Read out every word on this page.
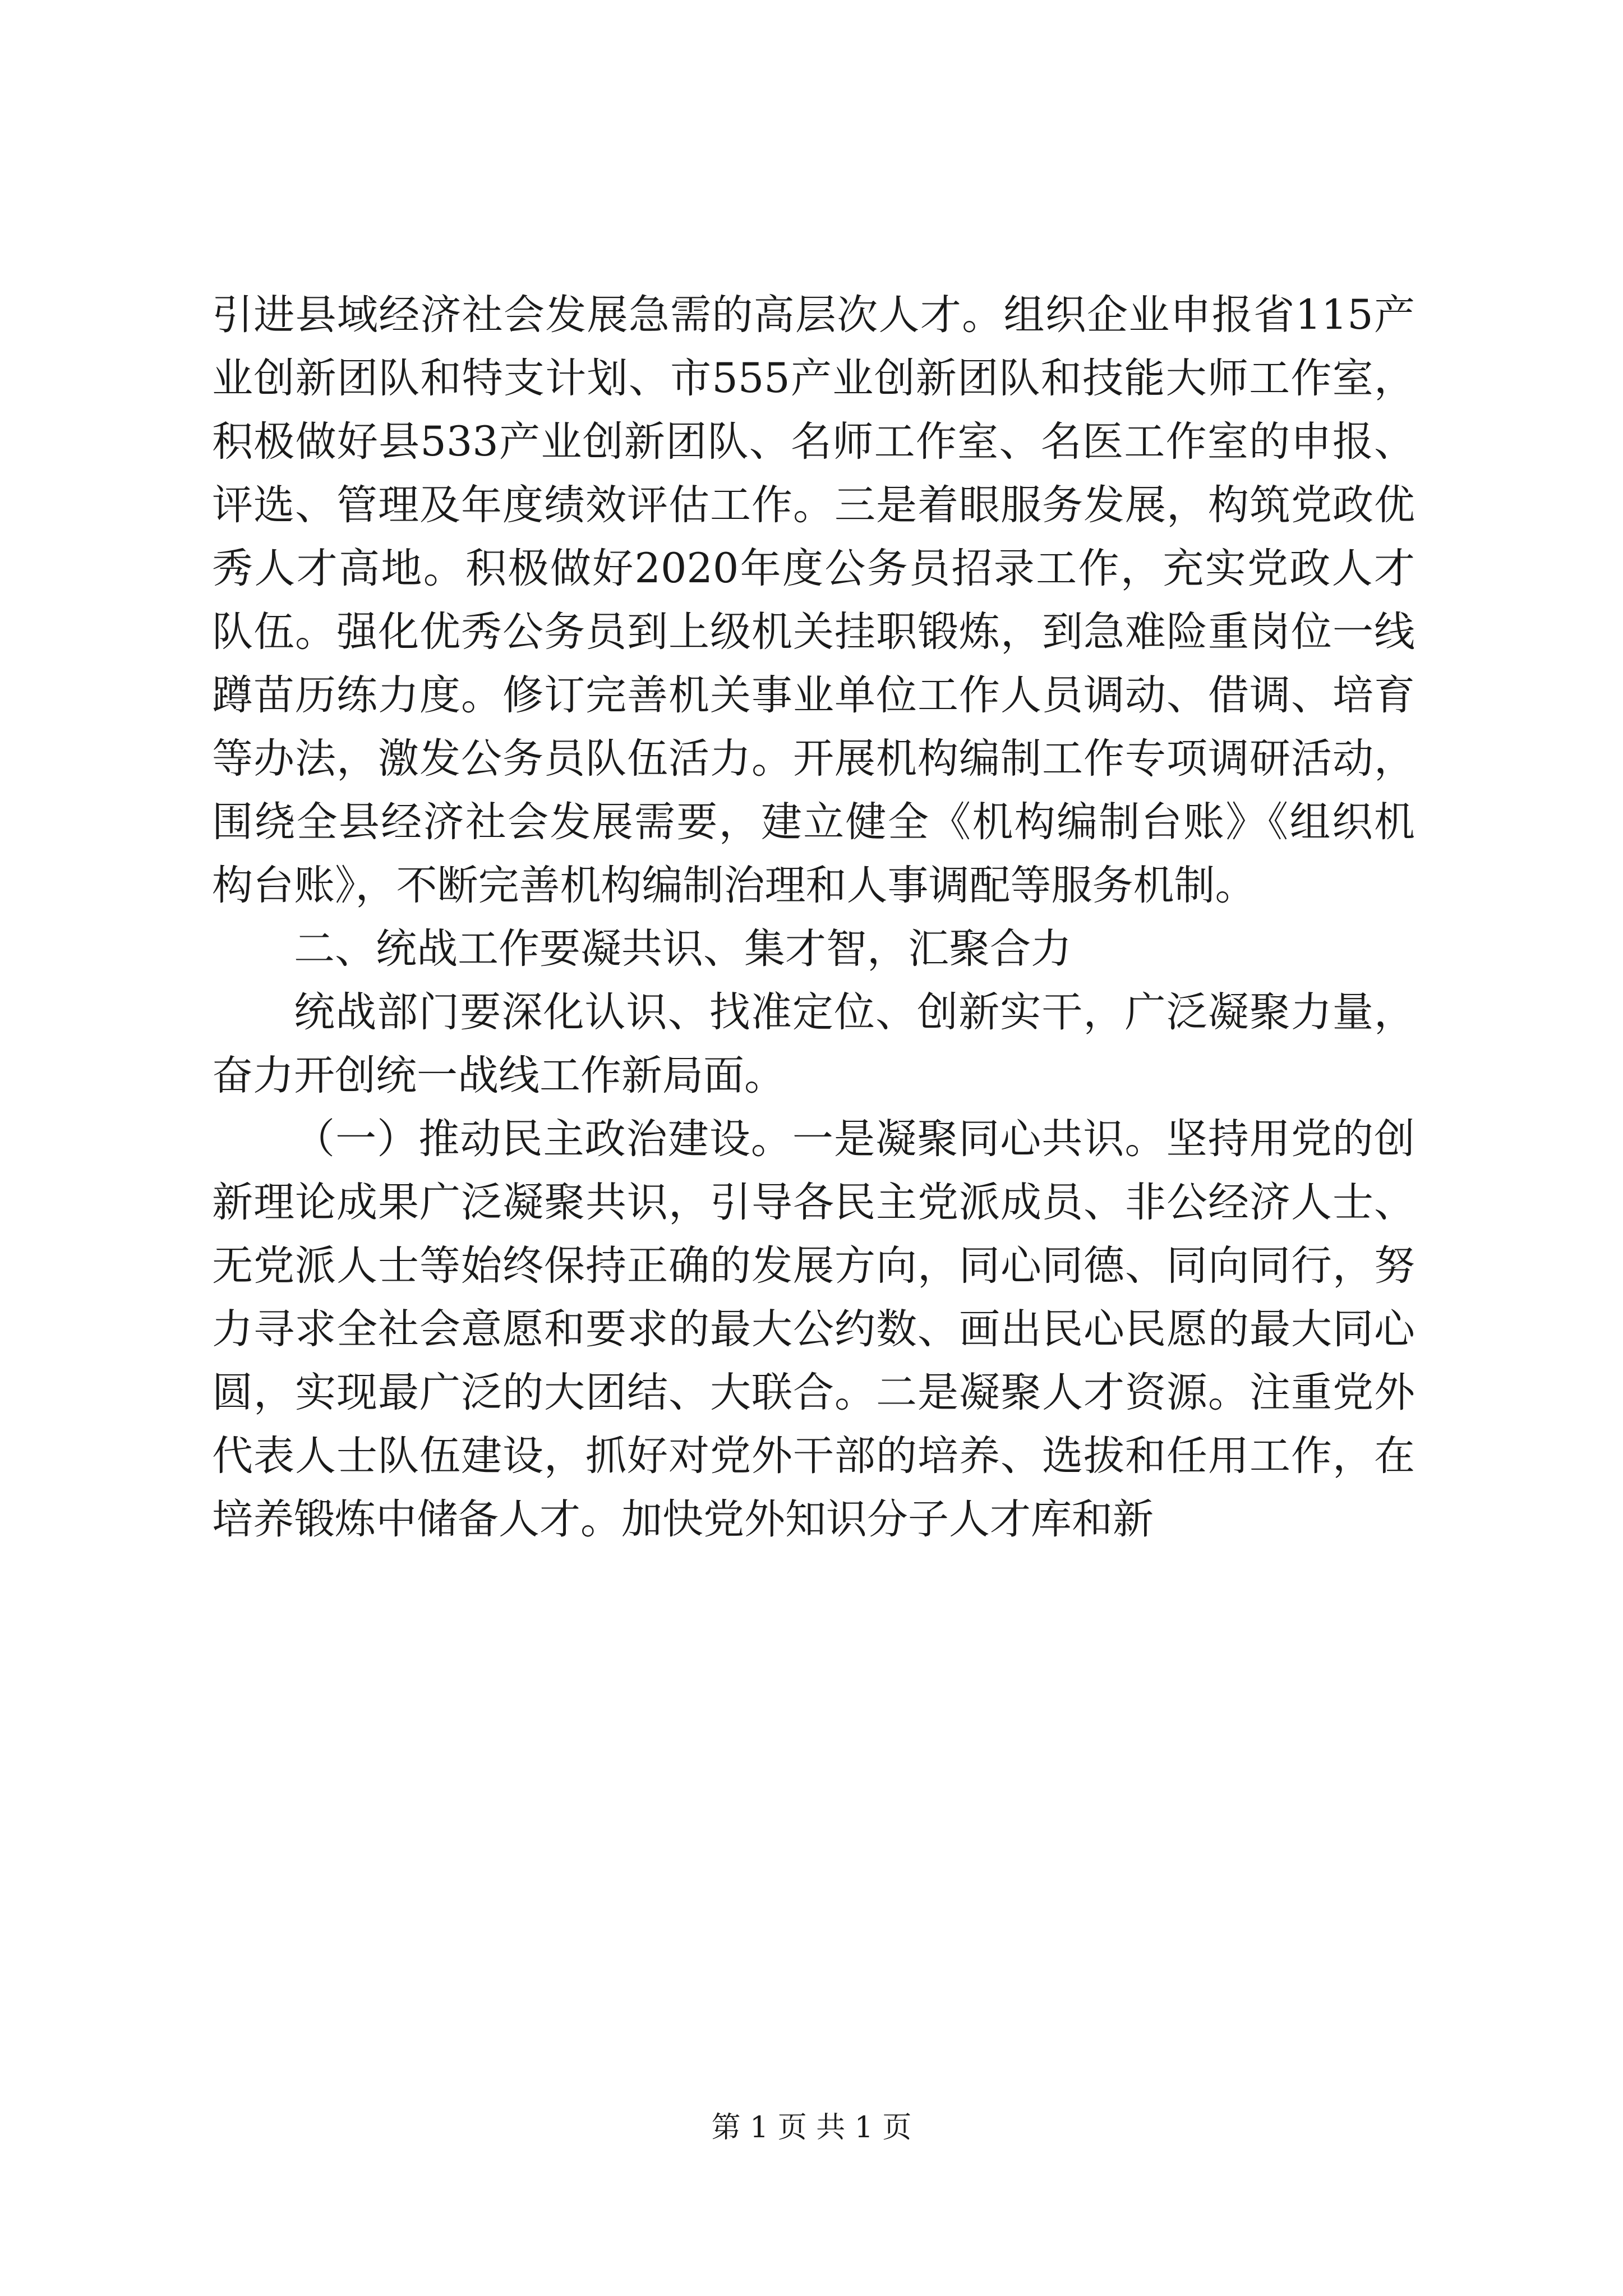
引进县域经济社会发展急需的高层次人才。组织企业申报省115产业创新团队和特支计划、市555产业创新团队和技能大师工作室，积极做好县533产业创新团队、名师工作室、名医工作室的申报、评选、管理及年度绩效评估工作。三是着眼服务发展，构筑党政优秀人才高地。积极做好2020年度公务员招录工作，充实党政人才队伍。强化优秀公务员到上级机关挂职锻炼，到急难险重岗位一线蹲苗历练力度。修订完善机关事业单位工作人员调动、借调、培育等办法，激发公务员队伍活力。开展机构编制工作专项调研活动，围绕全县经济社会发展需要，建立健全《机构编制台账》《组织机构台账》，不断完善机构编制治理和人事调配等服务机制。

二、统战工作要凝共识、集才智，汇聚合力

统战部门要深化认识、找准定位、创新实干，广泛凝聚力量，奋力开创统一战线工作新局面。

（一）推动民主政治建设。一是凝聚同心共识。坚持用党的创新理论成果广泛凝聚共识，引导各民主党派成员、非公经济人士、无党派人士等始终保持正确的发展方向，同心同德、同向同行，努力寻求全社会意愿和要求的最大公约数、画出民心民愿的最大同心圆，实现最广泛的大团结、大联合。二是凝聚人才资源。注重党外代表人士队伍建设，抓好对党外干部的培养、选拔和任用工作，在培养锻炼中储备人才。加快党外知识分子人才库和新

第 1 页 共 1 页
